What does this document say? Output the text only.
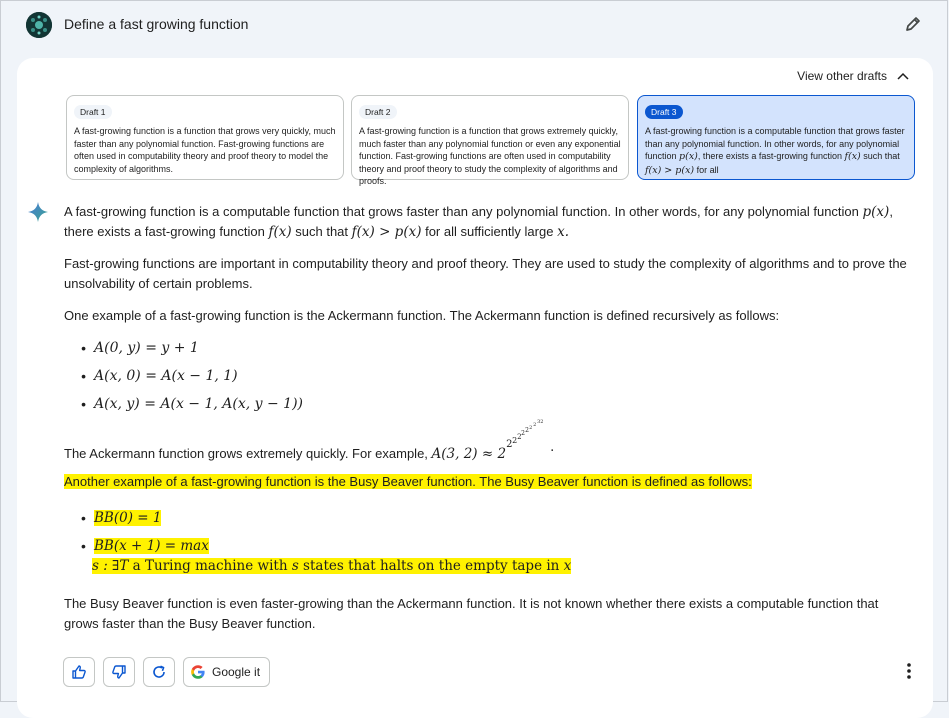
Define a fast growing function
View other drafts
Draft 1
A fast-growing function is a function that grows very quickly, much faster than any polynomial function. Fast-growing functions are often used in computability theory and proof theory to model the complexity of algorithms.
Draft 2
A fast-growing function is a function that grows extremely quickly, much faster than any polynomial function or even any exponential function. Fast-growing functions are often used in computability theory and proof theory to study the complexity of algorithms and proofs.
Draft 3
A fast-growing function is a computable function that grows faster than any polynomial function. In other words, for any polynomial function p(x), there exists a fast-growing function f(x) such that f(x) > p(x) for all
A fast-growing function is a computable function that grows faster than any polynomial function. In other words, for any polynomial function p(x), there exists a fast-growing function f(x) such that f(x) > p(x) for all sufficiently large x.
Fast-growing functions are important in computability theory and proof theory. They are used to study the complexity of algorithms and to prove the unsolvability of certain problems.
One example of a fast-growing function is the Ackermann function. The Ackermann function is defined recursively as follows:
• A(0, y) = y + 1
• A(x, 0) = A(x − 1, 1)
• A(x, y) = A(x − 1, A(x, y − 1))
The Ackermann function grows extremely quickly. For example, A(3, 2) ≈ 2
2 2 2 2 2 2 2 32
.
Another example of a fast-growing function is the Busy Beaver function. The Busy Beaver function is defined as follows:
• BB(0) = 1
• BB(x + 1) = max
s : ∃T a Turing machine with s states that halts on the empty tape in x
The Busy Beaver function is even faster-growing than the Ackermann function. It is not known whether there exists a computable function that grows faster than the Busy Beaver function.
Google it
